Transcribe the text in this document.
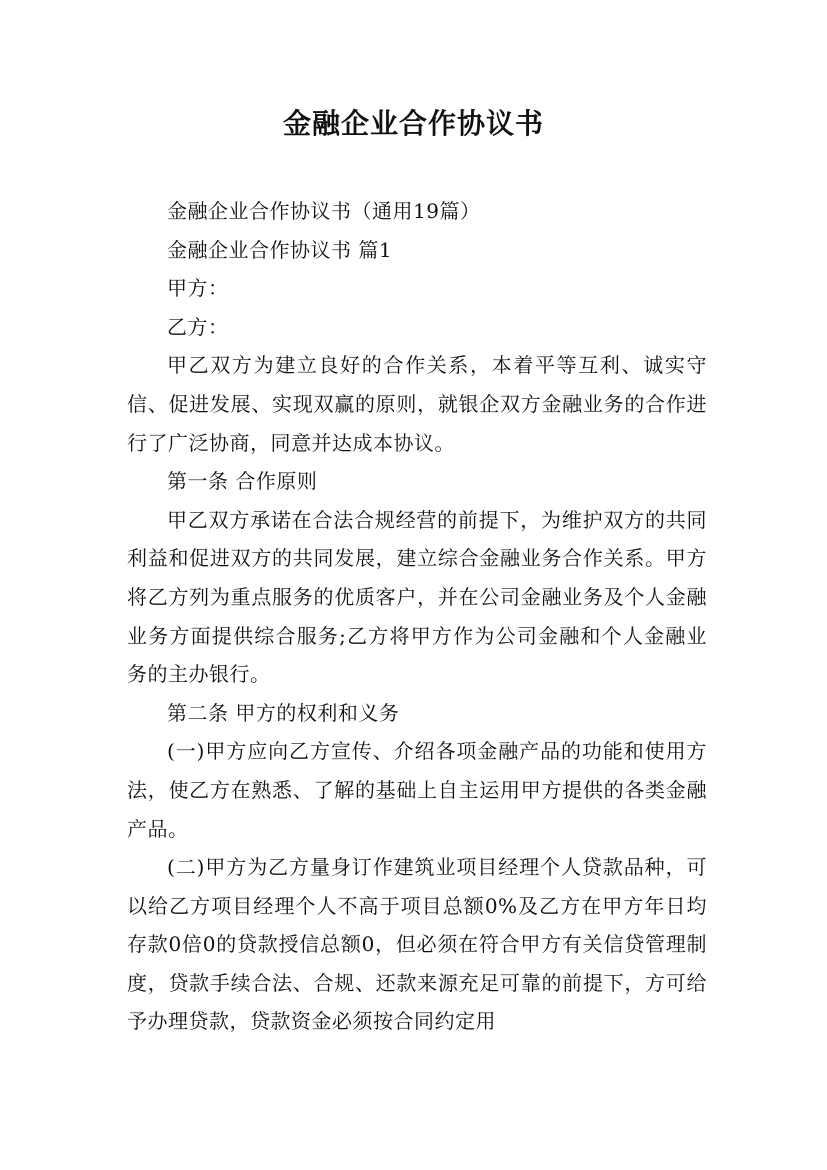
金融企业合作协议书

金融企业合作协议书（通用19篇）

金融企业合作协议书 篇1

甲方：

乙方：

甲乙双方为建立良好的合作关系，本着平等互利、诚实守信、促进发展、实现双赢的原则，就银企双方金融业务的合作进行了广泛协商，同意并达成本协议。

第一条 合作原则

甲乙双方承诺在合法合规经营的前提下，为维护双方的共同利益和促进双方的共同发展，建立综合金融业务合作关系。甲方将乙方列为重点服务的优质客户，并在公司金融业务及个人金融业务方面提供综合服务;乙方将甲方作为公司金融和个人金融业务的主办银行。

第二条 甲方的权利和义务

(一)甲方应向乙方宣传、介绍各项金融产品的功能和使用方法，使乙方在熟悉、了解的基础上自主运用甲方提供的各类金融产品。

(二)甲方为乙方量身订作建筑业项目经理个人贷款品种，可以给乙方项目经理个人不高于项目总额0%及乙方在甲方年日均存款0倍0的贷款授信总额0，但必须在符合甲方有关信贷管理制度，贷款手续合法、合规、还款来源充足可靠的前提下，方可给予办理贷款，贷款资金必须按合同约定用
